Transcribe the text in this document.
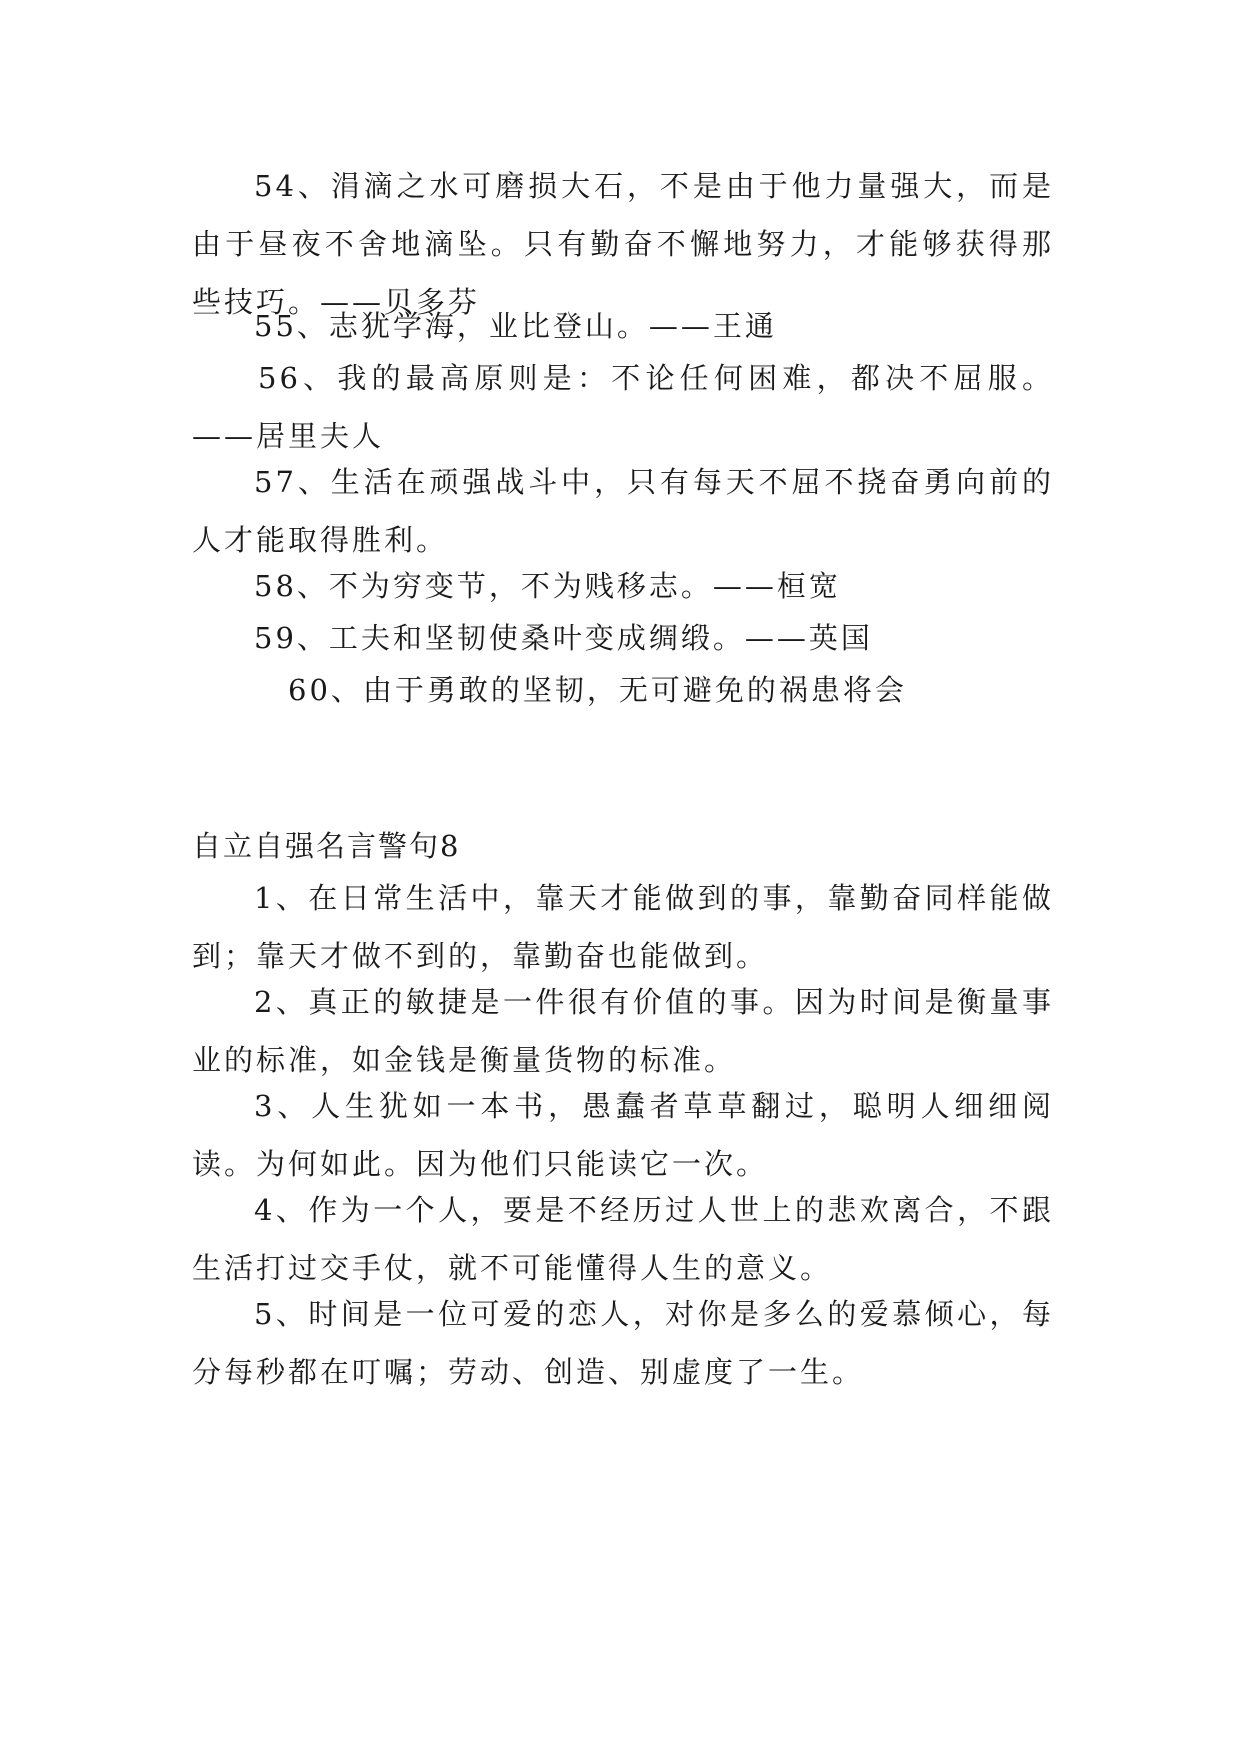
54、涓滴之水可磨损大石，不是由于他力量强大，而是由于昼夜不舍地滴坠。只有勤奋不懈地努力，才能够获得那些技巧。——贝多芬

55、志犹学海，业比登山。——王通

56、我的最高原则是：不论任何困难，都决不屈服。——居里夫人

57、生活在顽强战斗中，只有每天不屈不挠奋勇向前的人才能取得胜利。

58、不为穷变节，不为贱移志。——桓宽

59、工夫和坚韧使桑叶变成绸缎。——英国

60、由于勇敢的坚韧，无可避免的祸患将会

自立自强名言警句8

1、在日常生活中，靠天才能做到的事，靠勤奋同样能做到；靠天才做不到的，靠勤奋也能做到。

2、真正的敏捷是一件很有价值的事。因为时间是衡量事业的标准，如金钱是衡量货物的标准。

3、人生犹如一本书，愚蠢者草草翻过，聪明人细细阅读。为何如此。因为他们只能读它一次。

4、作为一个人，要是不经历过人世上的悲欢离合，不跟生活打过交手仗，就不可能懂得人生的意义。

5、时间是一位可爱的恋人，对你是多么的爱慕倾心，每分每秒都在叮嘱；劳动、创造、别虚度了一生。
